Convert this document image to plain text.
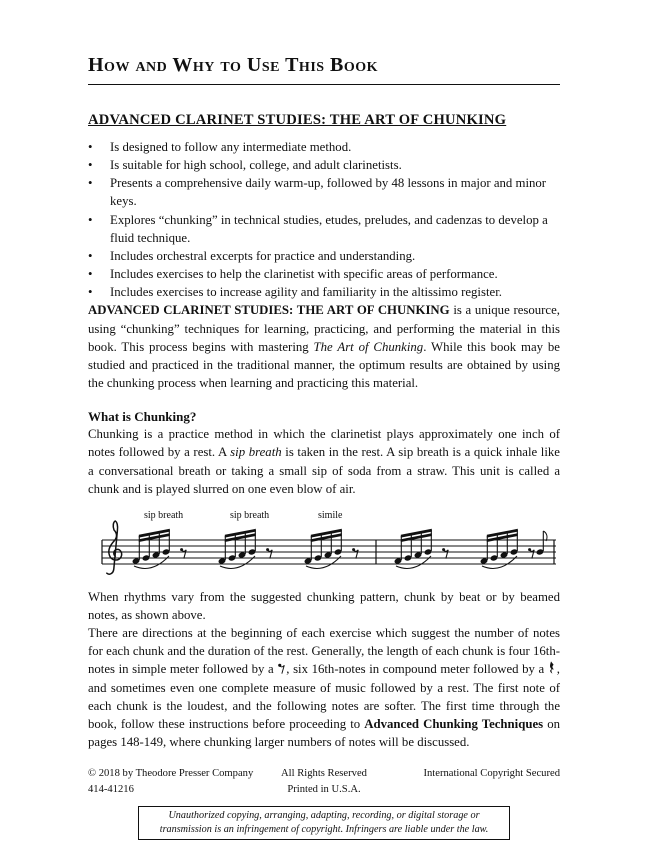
How and Why to Use This Book
ADVANCED CLARINET STUDIES: THE ART OF CHUNKING
•
Is designed to follow any intermediate method.
•
Is suitable for high school, college, and adult clarinetists.
•
Presents a comprehensive daily warm-up, followed by 48 lessons in major and minor keys.
•
Explores “chunking” in technical studies, etudes, preludes, and cadenzas to develop a fluid technique.
•
Includes orchestral excerpts for practice and understanding.
•
Includes exercises to help the clarinetist with specific areas of performance.
•
Includes exercises to increase agility and familiarity in the altissimo register.

ADVANCED CLARINET STUDIES: THE ART OF CHUNKING is a unique resource, using “chunking” techniques for learning, practicing, and performing the material in this book. This process begins with mastering The Art of Chunking. While this book may be studied and practiced in the traditional manner, the optimum results are obtained by using the chunking process when learning and practicing this material.

What is Chunking?

Chunking is a practice method in which the clarinetist plays approximately one inch of notes followed by a rest. A sip breath is taken in the rest. A sip breath is a quick inhale like a conversational breath or taking a small sip of soda from a straw. This unit is called a chunk and is played slurred on one even blow of air.

sip breath	sip breath	simile

When rhythms vary from the suggested chunking pattern, chunk by beat or by beamed notes, as shown above.

There are directions at the beginning of each exercise which suggest the number of notes for each chunk and the duration of the rest. Generally, the length of each chunk is four 16th-notes in simple meter followed by a , six 16th-notes in compound meter followed by a , and sometimes even one complete measure of music followed by a rest. The first note of each chunk is the loudest, and the following notes are softer. The first time through the book, follow these instructions before proceeding to Advanced Chunking Techniques on pages 148-149, where chunking larger numbers of notes will be discussed.

© 2018 by Theodore Presser Company
414-41216
All Rights Reserved
Printed in U.S.A.
International Copyright Secured
Unauthorized copying, arranging, adapting, recording, or digital storage or transmission is an infringement of copyright. Infringers are liable under the law.
